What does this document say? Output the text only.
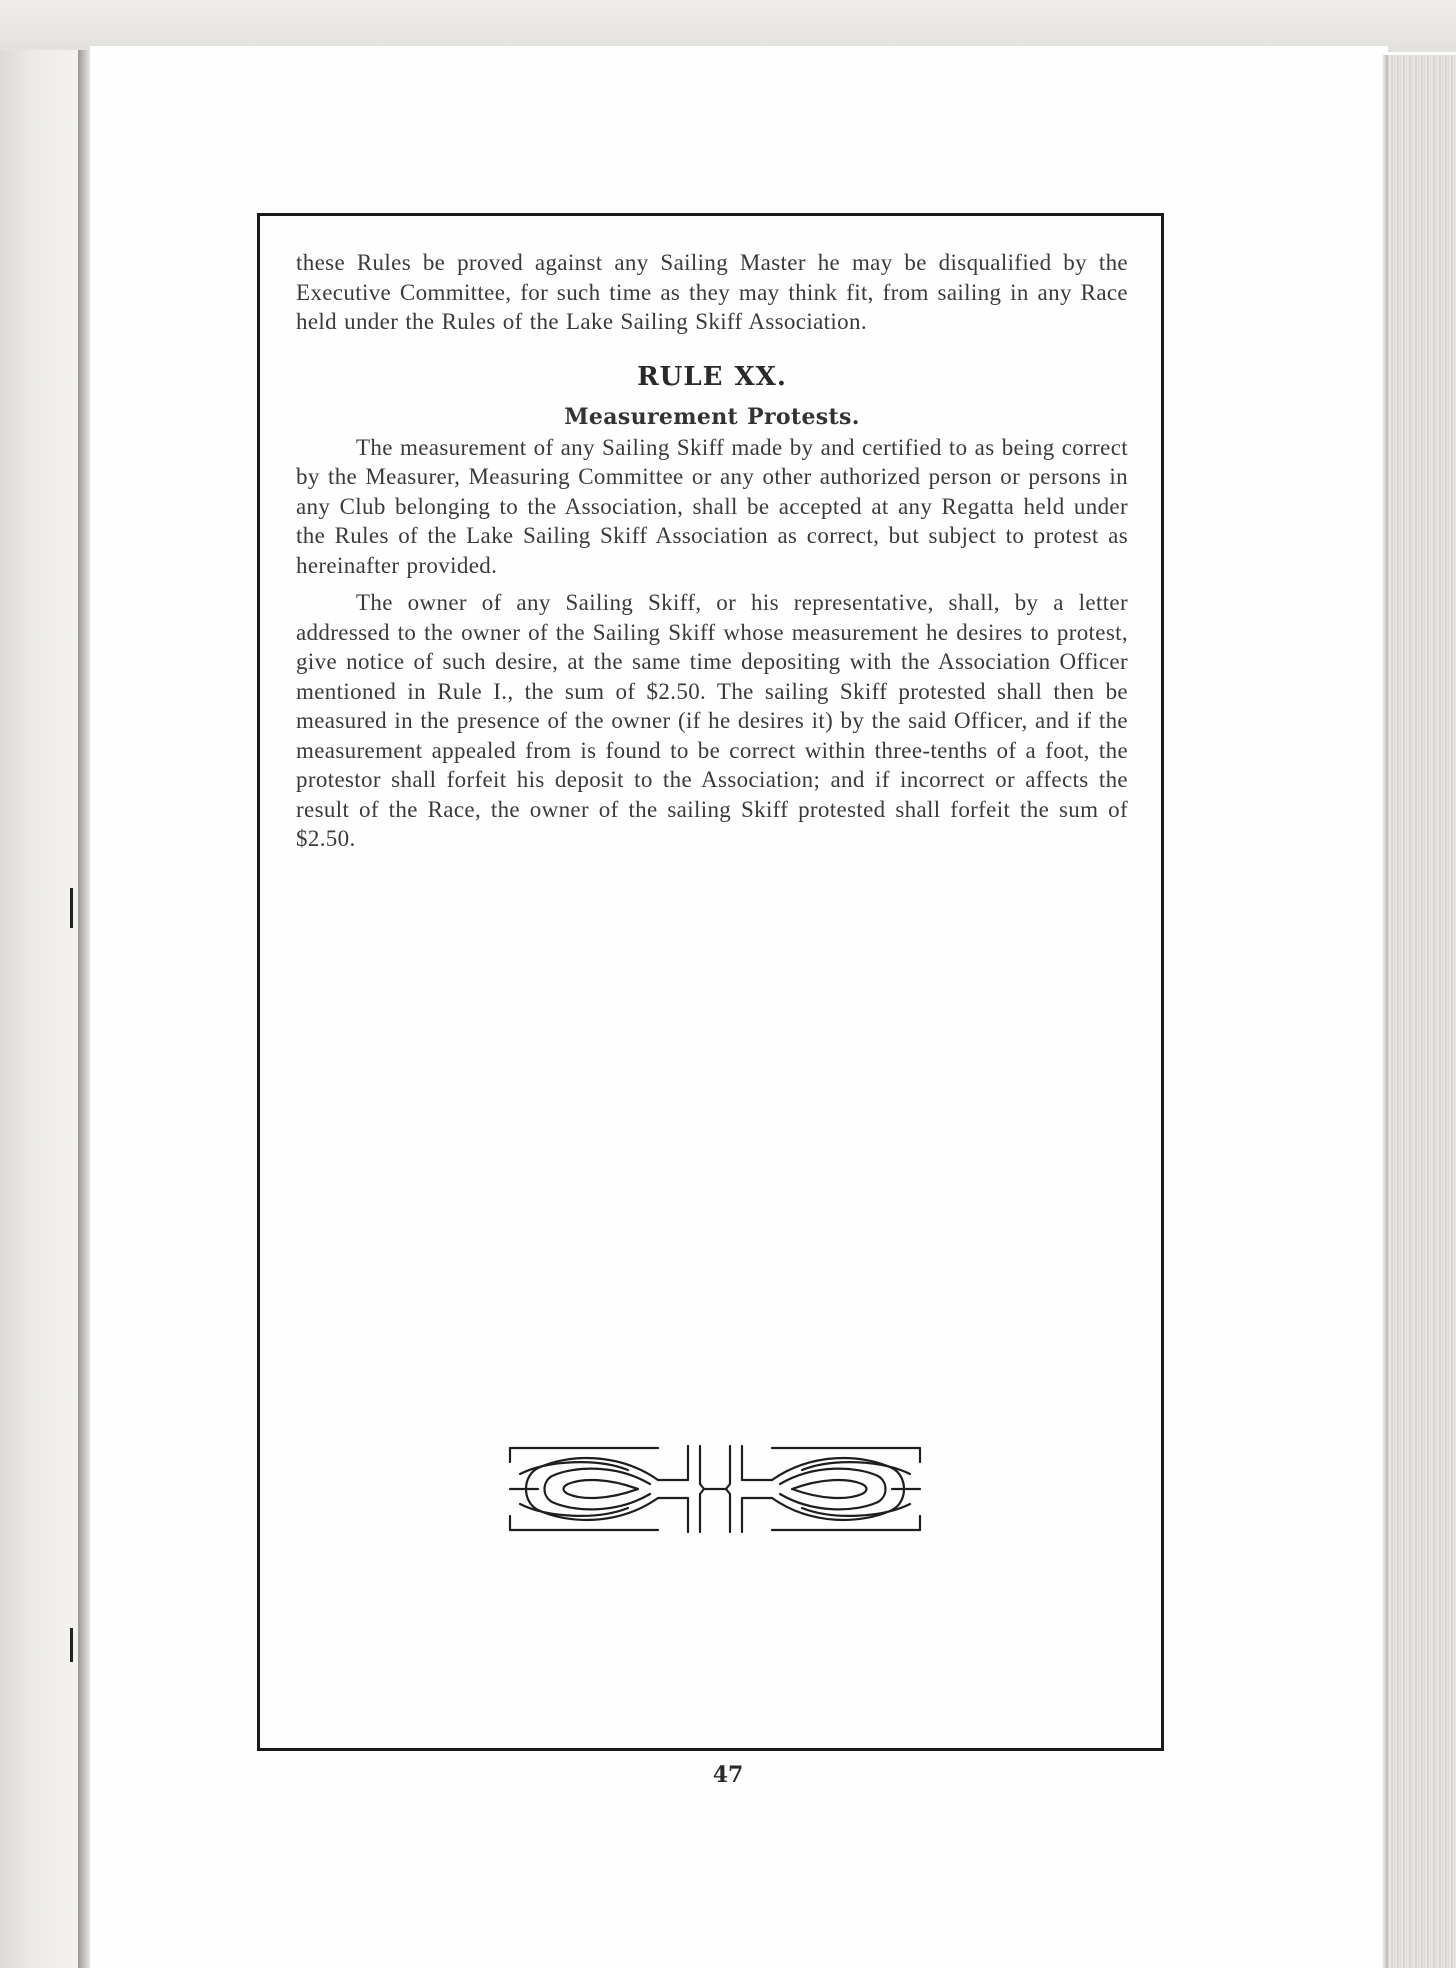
these Rules be proved against any Sailing Master he may be disqualified by the Executive Committee, for such time as they may think fit, from sailing in any Race held under the Rules of the Lake Sailing Skiff Association.

RULE XX.
Measurement Protests.

The measurement of any Sailing Skiff made by and certified to as being correct by the Measurer, Measuring Committee or any other authorized person or persons in any Club belonging to the Association, shall be accepted at any Regatta held under the Rules of the Lake Sailing Skiff Association as correct, but subject to protest as hereinafter provided.

The owner of any Sailing Skiff, or his representative, shall, by a letter addressed to the owner of the Sailing Skiff whose measurement he desires to protest, give notice of such desire, at the same time depositing with the Association Officer mentioned in Rule I., the sum of $2.50. The sailing Skiff protested shall then be measured in the presence of the owner (if he desires it) by the said Officer, and if the measurement appealed from is found to be correct within three-tenths of a foot, the protestor shall forfeit his deposit to the Association; and if incorrect or affects the result of the Race, the owner of the sailing Skiff protested shall forfeit the sum of $2.50.

47
